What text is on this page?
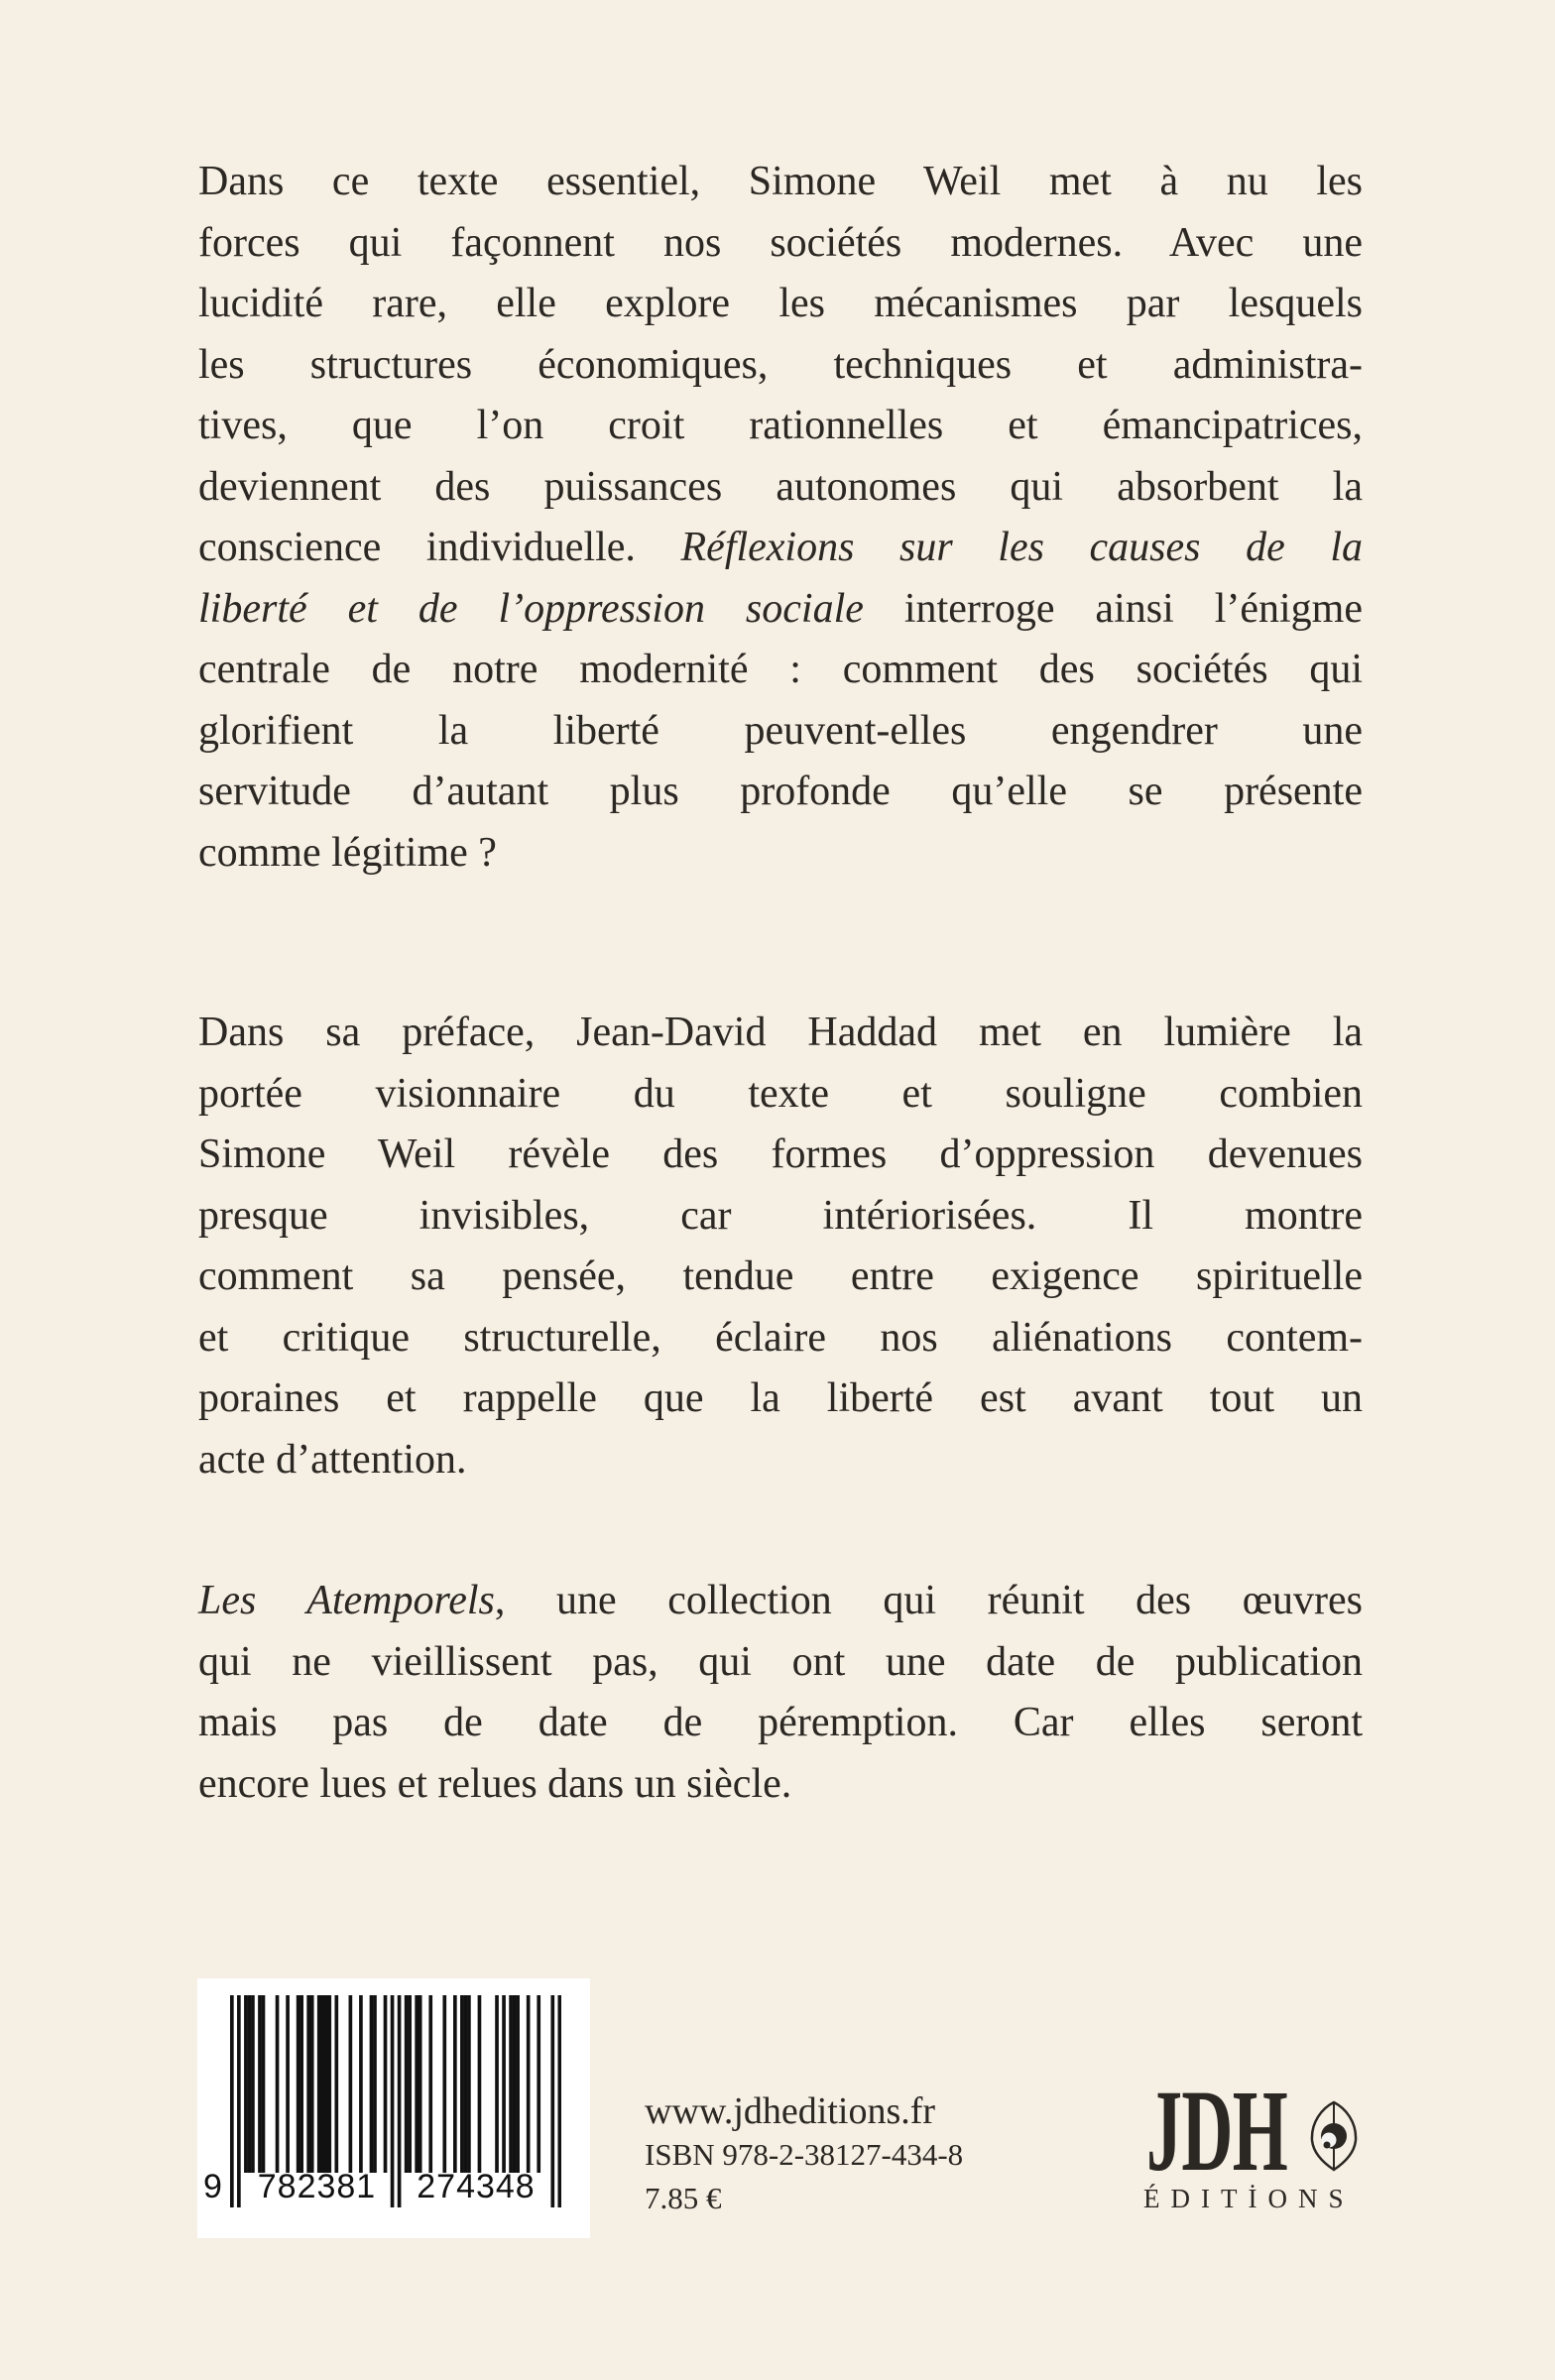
Dans ce texte essentiel, Simone Weil met à nu les
forces qui façonnent nos sociétés modernes. Avec une
lucidité rare, elle explore les mécanismes par lesquels
les structures économiques, techniques et administra-
tives, que l’on croit rationnelles et émancipatrices,
deviennent des puissances autonomes qui absorbent la
conscience individuelle. Réflexions sur les causes de la
liberté et de l’oppression sociale interroge ainsi l’énigme
centrale de notre modernité : comment des sociétés qui
glorifient la liberté peuvent-elles engendrer une
servitude d’autant plus profonde qu’elle se présente
comme légitime ?

Dans sa préface, Jean-David Haddad met en lumière la
portée visionnaire du texte et souligne combien
Simone Weil révèle des formes d’oppression devenues
presque invisibles, car intériorisées. Il montre
comment sa pensée, tendue entre exigence spirituelle
et critique structurelle, éclaire nos aliénations contem-
poraines et rappelle que la liberté est avant tout un
acte d’attention.

Les Atemporels, une collection qui réunit des œuvres
qui ne vieillissent pas, qui ont une date de publication
mais pas de date de péremption. Car elles seront
encore lues et relues dans un siècle.

9 782381 274348
www.jdheditions.fr
ISBN 978-2-38127-434-8
7.85 €
JDH
ÉDITİONS
